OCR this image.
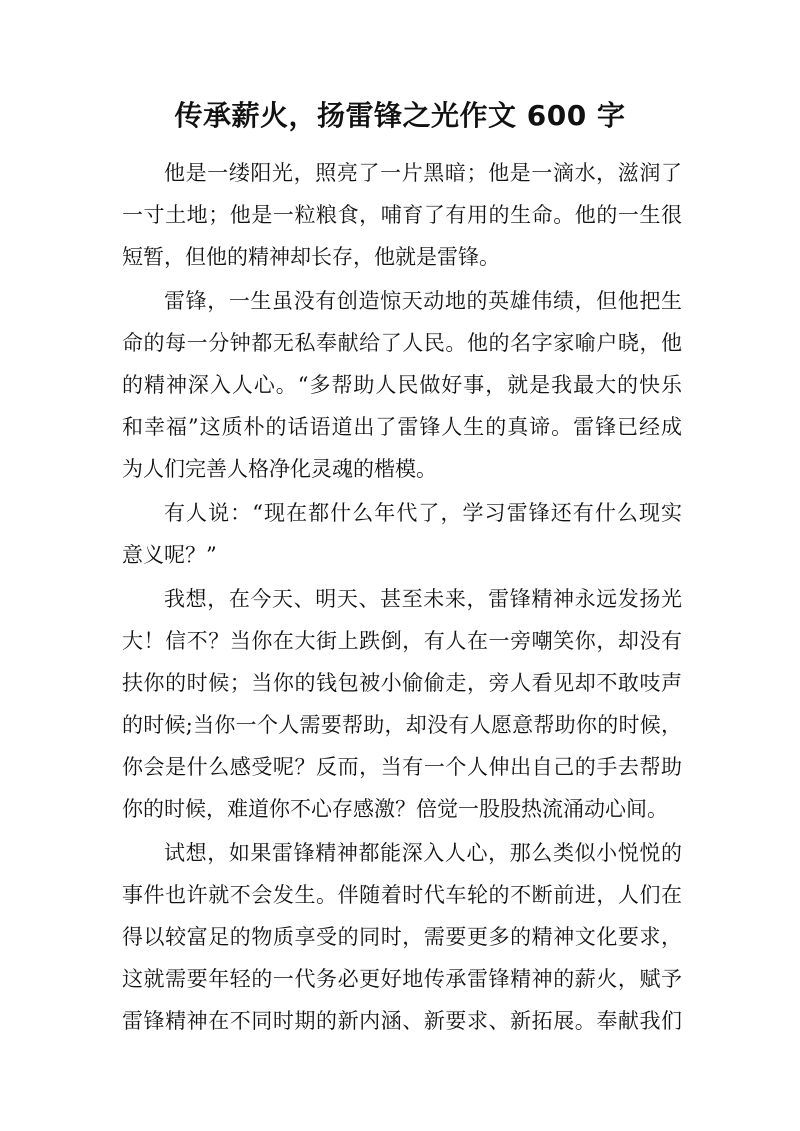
传承薪火，扬雷锋之光作文 600 字
他是一缕阳光，照亮了一片黑暗；他是一滴水，滋润了
一寸土地；他是一粒粮食，哺育了有用的生命。他的一生很
短暂，但他的精神却长存，他就是雷锋。
雷锋，一生虽没有创造惊天动地的英雄伟绩，但他把生
命的每一分钟都无私奉献给了人民。他的名字家喻户晓，他
的精神深入人心。“多帮助人民做好事，就是我最大的快乐
和幸福”这质朴的话语道出了雷锋人生的真谛。雷锋已经成
为人们完善人格净化灵魂的楷模。
有人说：“现在都什么年代了，学习雷锋还有什么现实
意义呢？”
我想，在今天、明天、甚至未来，雷锋精神永远发扬光
大！信不？当你在大街上跌倒，有人在一旁嘲笑你，却没有
扶你的时候；当你的钱包被小偷偷走，旁人看见却不敢吱声
的时候;当你一个人需要帮助，却没有人愿意帮助你的时候，
你会是什么感受呢？反而，当有一个人伸出自己的手去帮助
你的时候，难道你不心存感激？倍觉一股股热流涌动心间。
试想，如果雷锋精神都能深入人心，那么类似小悦悦的
事件也许就不会发生。伴随着时代车轮的不断前进，人们在
得以较富足的物质享受的同时，需要更多的精神文化要求，
这就需要年轻的一代务必更好地传承雷锋精神的薪火，赋予
雷锋精神在不同时期的新内涵、新要求、新拓展。奉献我们
